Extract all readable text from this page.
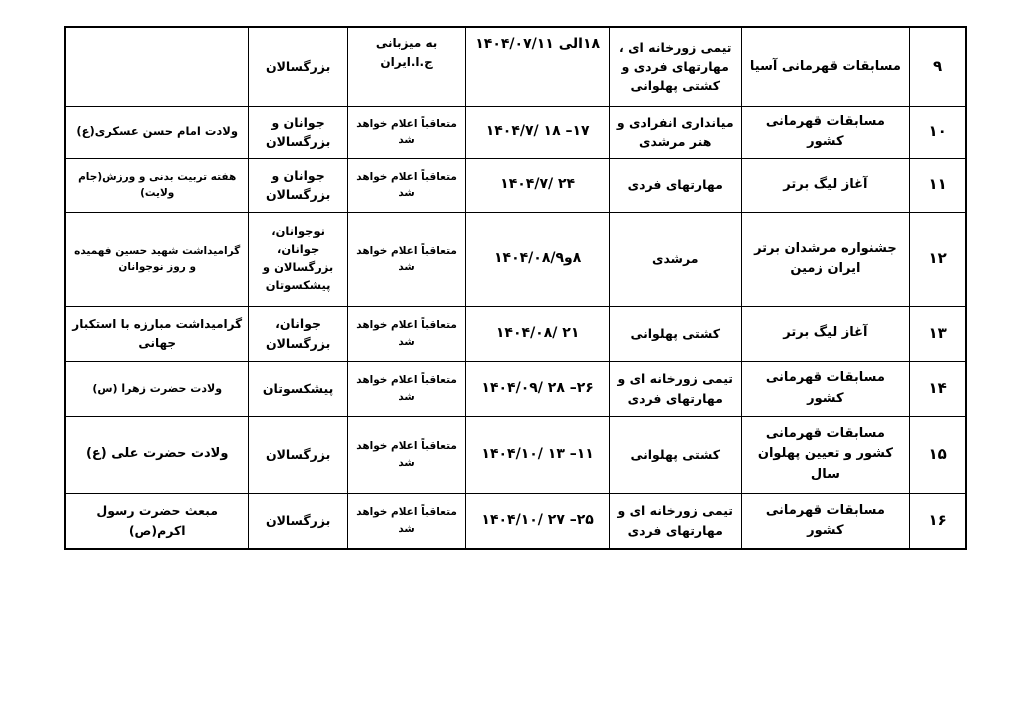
۹	مسابقات قهرمانی آسیا	تیمی زورخانه ای ، مهارتهای فردی و کشتی پهلوانی	۱۸الی ۱۴۰۴/۰۷/۱۱	به میزبانی ج.ا.ایران	بزرگسالان	
۱۰	مسابقات قهرمانی کشور	میانداری انفرادی و هنر مرشدی	۱۷– ۱۸ /۱۴۰۴/۷	متعاقباً اعلام خواهد شد	جوانان و بزرگسالان	ولادت امام حسن عسکری(ع)
۱۱	آغاز لیگ برتر	مهارتهای فردی	۲۴ /۱۴۰۴/۷	متعاقباً اعلام خواهد شد	جوانان و بزرگسالان	هفته تربیت بدنی و ورزش(جام ولایت)
۱۲	جشنواره مرشدان برتر ایران زمین	مرشدی	۸و۱۴۰۴/۰۸/۹	متعاقباً اعلام خواهد شد	نوجوانان، جوانان، بزرگسالان و پیشکسوتان	گرامیداشت شهید حسین فهمیده و روز نوجوانان
۱۳	آغاز لیگ برتر	کشتی پهلوانی	۲۱ /۱۴۰۴/۰۸	متعاقباً اعلام خواهد شد	جوانان، بزرگسالان	گرامیداشت مبارزه با استکبار جهانی
۱۴	مسابقات قهرمانی کشور	تیمی زورخانه ای و مهارتهای فردی	۲۶– ۲۸ /۱۴۰۴/۰۹	متعاقباً اعلام خواهد شد	پیشکسوتان	ولادت حضرت زهرا (س)
۱۵	مسابقات قهرمانی کشور و تعیین پهلوان سال	کشتی پهلوانی	۱۱– ۱۳ /۱۴۰۴/۱۰	متعاقباً اعلام خواهد شد	بزرگسالان	ولادت حضرت علی (ع)
۱۶	مسابقات قهرمانی کشور	تیمی زورخانه ای و مهارتهای فردی	۲۵– ۲۷ /۱۴۰۴/۱۰	متعاقباً اعلام خواهد شد	بزرگسالان	مبعث حضرت رسول اکرم(ص)
